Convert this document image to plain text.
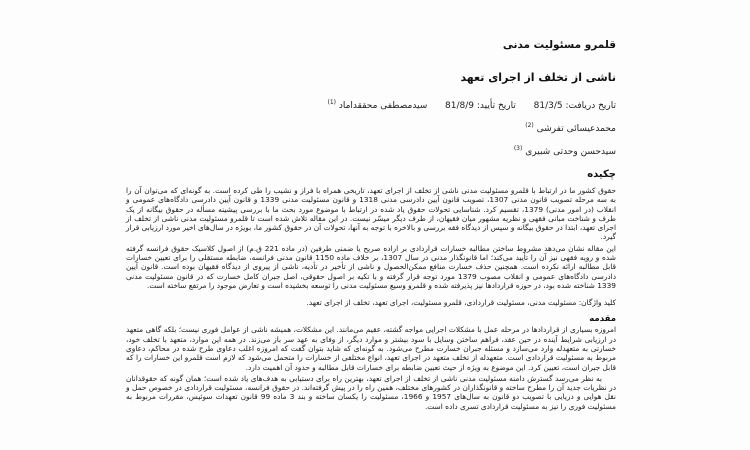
قلمرو مسئولیت مدنی
ناشی از تخلف از اجرای تعهد
تاریخ دریافت: 81/3/5  تاریخ تأیید: 81/8/9  سیدمصطفی محققداماد $^{(1)}$
محمدعیسائی تفرشی $^{(2)}$
سیدحسن وحدتی شبیری $^{(3)}$
چکیده

حقوق کشور ما در ارتباط با قلمرو مسئولیت مدنی ناشی از تخلف از اجرای تعهد، تاریخی همراه با فراز و نشیب را طی کرده است. به گونه‌ای که می‌توان آن را به سه مرحله تصویب قانون مدنی 1307، تصویب قانون آیین دادرسی مدنی 1318 و قانون مسئولیت مدنی 1339 و قانون آیین دادرسی دادگاه‌های عمومی و انقلاب (در امور مدنی) 1379، تقسیم کرد. شناسایی تحولات حقوق یاد شده در ارتباط با موضوع مورد بحث ما با بررسی پیشینه مسأله در حقوق بیگانه از یک طرف و شناخت مبانی فقهی و نظریه مشهور میان فقیهان، از طرف دیگر میسّر نیست. در این مقاله تلاش شده است تا قلمرو مسئولیت مدنی ناشی از تخلف از اجرای تعهد، ابتدا در حقوق بیگانه و سپس از دیدگاه فقه بررسی و بالاخره با توجه به آنها، تحولات آن در حقوق کشور ما، بویژه در سال‌های اخیر مورد ارزیابی قرار گیرد.

این مقاله نشان می‌دهد مشروط ساختن مطالبه خسارات قراردادی بر اراده صریح یا ضمنی طرفین (در ماده 221 ق.م) از اصول کلاسیک حقوق فرانسه گرفته شده و رویه فقهی نیز آن را تأیید می‌کند؛ اما قانونگذار مدنی در سال 1307، بر خلاف ماده 1150 قانون مدنی فرانسه، ضابطه مستقلی را برای تعیین خسارات قابل مطالبه ارائه نکرده است. همچنین حذف خسارت منافع ممکن‌الحصول و ناشی از تأخیر در تأدیه، ناشی از پیروی از دیدگاه فقیهان بوده است. قانون آیین دادرسی دادگاه‌های عمومی و انقلاب مصوب 1379 مورد توجه قرار گرفته و با تکیه بر اصول حقوقی، اصل جبران کامل خسارت که در قانون مسئولیت مدنی 1339 شناخته شده بود، در حوزه قراردادها نیز پذیرفته شده و قلمرو وسیع مسئولیت مدنی را توسعه بخشیده است و تعارض موجود را مرتفع ساخته است.

کلید واژگان: مسئولیت مدنی، مسئولیت قراردادی، قلمرو مسئولیت، اجرای تعهد، تخلف از اجرای تعهد.

مقدمه

امروزه بسیاری از قراردادها در مرحله عمل با مشکلات اجرایی مواجه گشته، عقیم می‌مانند. این مشکلات، همیشه ناشی از عوامل فوری نیست؛ بلکه گاهی متعهد در ارزیابی شرایط آینده در حین عقد، فراهم ساختن وسایل با سود بیشتر و موارد دیگر، از وفای به عهد سر باز می‌زند. در همه این موارد، متعهد با تخلف خود، خسارتی به متعهدله وارد می‌سازد و مسئله جبران خسارت مطرح می‌شود. به گونه‌ای که شاید بتوان گفت که امروزه اغلب دعاوی طرح شده در محاکم، دعاوی مربوط به مسئولیت قراردادی است. متعهدله از تخلف متعهد در اجرای تعهد، انواع مختلفی از خسارات را متحمل می‌شود که لازم است قلمرو این خسارات را که قابل جبران است، تعیین کرد. این موضوع به ویژه از حیث تعیین ضابطه برای خسارات قابل مطالبه و حدود آن اهمیت دارد.

به نظر می‌رسد گسترش دامنه مسئولیت مدنی ناشی از تخلف از اجرای تعهد، بهترین راه برای دستیابی به هدف‌های یاد شده است؛ همان گونه که حقوقدانان در نظریات جدید آن را مطرح ساخته و قانونگذاران در کشورهای مختلف، همین راه را در پیش گرفته‌اند. در حقوق فرانسه، مسئولیت قراردادی در خصوص حمل و نقل هوایی و دریایی با تصویب دو قانون به سال‌های 1957 و 1966، مسئولیت را یکسان ساخته و بند 3 ماده 99 قانون تعهدات سوئیس، مقررات مربوط به مسئولیت فوری را نیز به مسئولیت قراردادی تسری داده است.
